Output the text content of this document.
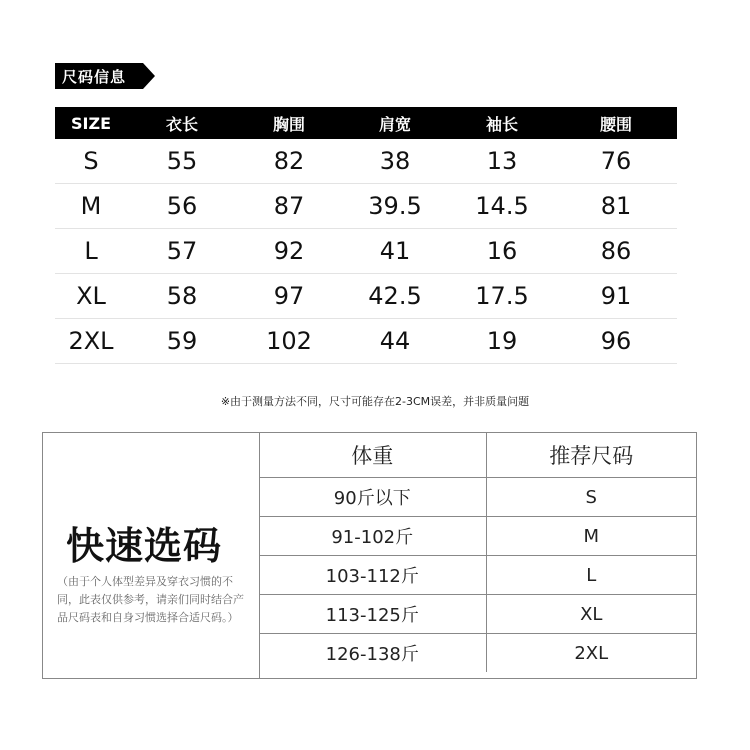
尺码信息
SIZE	衣长	胸围	肩宽	袖长	腰围
S	55	82	38	13	76
M	56	87	39.5	14.5	81
L	57	92	41	16	86
XL	58	97	42.5	17.5	91
2XL	59	102	44	19	96
※由于测量方法不同，尺寸可能存在2-3CM误差，并非质量问题
快速选码
（由于个人体型差异及穿衣习惯的不同，此表仅供参考，请亲们同时结合产品尺码表和自身习惯选择合适尺码。）
体重	推荐尺码
90斤以下	S
91-102斤	M
103-112斤	L
113-125斤	XL
126-138斤	2XL
